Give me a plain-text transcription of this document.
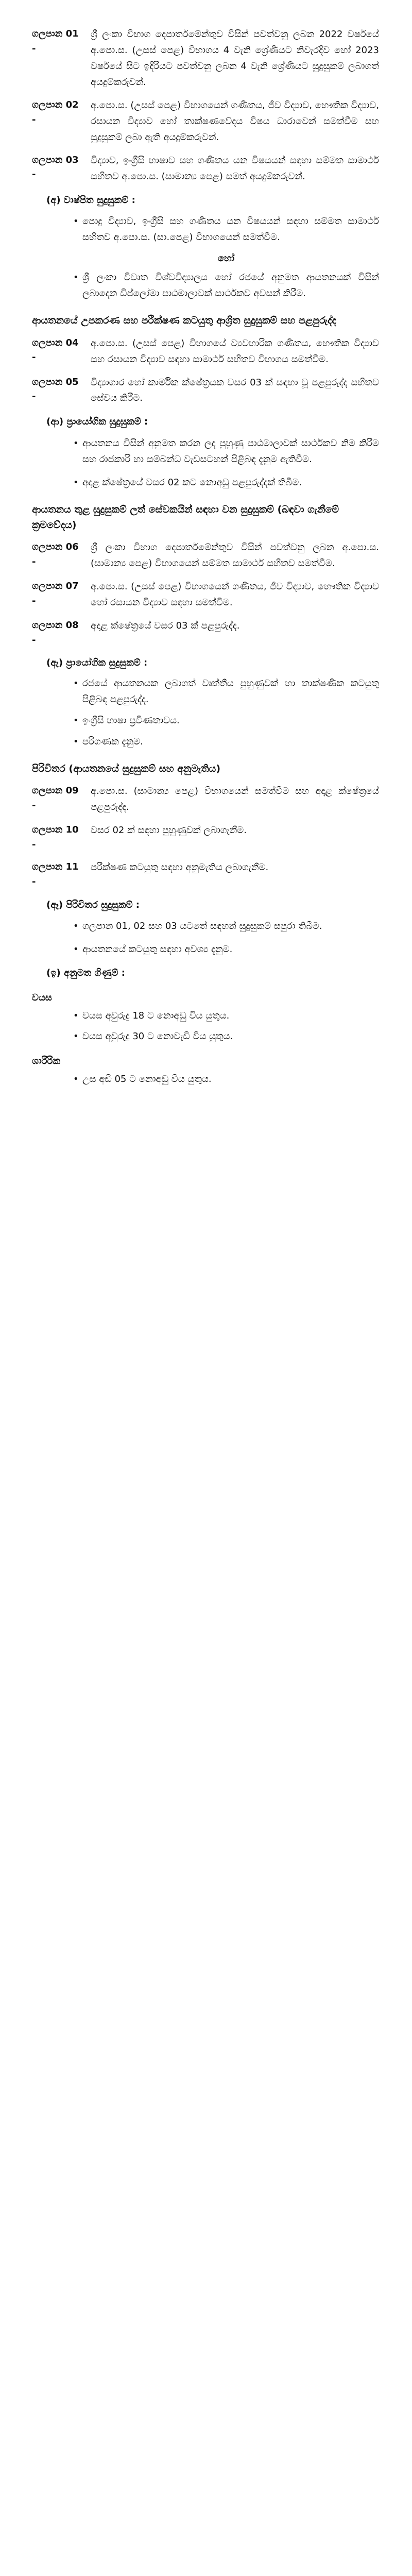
ගලපාන 01 -
ශ්‍රී ලංකා විභාග දෙපාර්තමේන්තුව විසින් පවත්වනු ලබන 2022 වර්ෂයේ අ.පො.ස. (උසස් පෙළ) විභාගය 4 වැනි ශ්‍රේණියට නිවැරදිව හෝ 2023 වර්ෂයේ සිට ඉදිරියට පවත්වනු ලබන 4 වැනි ශ්‍රේණියට සුදුසුකම් ලබාගත් අයදුම්කරුවන්.
ගලපාන 02 -
අ.පො.ස. (උසස් පෙළ) විභාගයෙන් ගණිතය, ජීව විද්‍යාව, භෞතික විද්‍යාව, රසායන විද්‍යාව හෝ තාක්ෂණවේදය විෂය ධාරාවෙන් සමත්වීම සහ සුදුසුකම් ලබා ඇති අයදුම්කරුවන්.
ගලපාන 03 -
විද්‍යාව, ඉංග්‍රීසි භාෂාව සහ ගණිතය යන විෂයයන් සඳහා සම්මත සාමාර්ථ සහිතව අ.පො.ස. (සාමාන්‍ය පෙළ) සමත් අයදුම්කරුවන්.
(අ) වාෂ්පිත සුදුසුකම් :
• පොදු විද්‍යාව, ඉංග්‍රීසි සහ ගණිතය යන විෂයයන් සඳහා සම්මත සාමාර්ථ සහිතව අ.පො.ස. (සා.පෙළ) විභාගයෙන් සමත්වීම.
හෝ
• ශ්‍රී ලංකා විවෘත විශ්වවිද්‍යාලය හෝ රජයේ අනුමත ආයතනයක් විසින් ලබාදෙන ඩිප්ලෝමා පාඨමාලාවක් සාර්ථකව අවසන් කිරීම.
ආයතනයේ උපකරණ සහ පරීක්ෂණ කටයුතු ආශ්‍රිත සුදුසුකම් සහ පළපුරුද්ද
ගලපාන 04 -
අ.පො.ස. (උසස් පෙළ) විභාගයේ ව්‍යවහාරික ගණිතය, භෞතික විද්‍යාව සහ රසායන විද්‍යාව සඳහා සාමාර්ථ සහිතව විභාගය සමත්වීම.
ගලපාන 05 -
විද්‍යාගාර හෝ කාර්මික ක්ෂේත්‍රයක වසර 03 ක් සඳහා වූ පළපුරුද්ද සහිතව සේවය කිරීම.
(ආ) ප්‍රායෝගික සුදුසුකම් :
• ආයතනය විසින් අනුමත කරන ලද පුහුණු පාඨමාලාවක් සාර්ථකව නිම කිරීම සහ රාජකාරි හා සම්බන්ධ වැඩසටහන් පිළිබඳ දැනුම ඇතිවීම.
• අදාළ ක්ෂේත්‍රයේ වසර 02 කට නොඅඩු පළපුරුද්දක් තිබීම.
ආයතනය තුළ සුදුසුකම් ලත් සේවකයින් සඳහා වන සුදුසුකම් (බඳවා ගැනීමේ ක්‍රමවේදය)
ගලපාන 06 -
ශ්‍රී ලංකා විභාග දෙපාර්තමේන්තුව විසින් පවත්වනු ලබන අ.පො.ස. (සාමාන්‍ය පෙළ) විභාගයෙන් සම්මත සාමාර්ථ සහිතව සමත්වීම.
ගලපාන 07 -
අ.පො.ස. (උසස් පෙළ) විභාගයෙන් ගණිතය, ජීව විද්‍යාව, භෞතික විද්‍යාව හෝ රසායන විද්‍යාව සඳහා සමත්වීම.
ගලපාන 08 -
අදාළ ක්ෂේත්‍රයේ වසර 03 ක් පළපුරුද්ද.
(ඇ) ප්‍රායෝගික සුදුසුකම් :
• රජයේ ආයතනයක ලබාගත් වෘත්තීය පුහුණුවක් හා තාක්ෂණික කටයුතු පිළිබඳ පළපුරුද්ද.
• ඉංග්‍රීසි භාෂා ප්‍රවීණතාවය.
• පරිගණක දැනුම.
පිරිවිතර (ආයතනයේ සුදුසුකම් සහ අනුමැතිය)
ගලපාන 09 -
අ.පො.ස. (සාමාන්‍ය පෙළ) විභාගයෙන් සමත්වීම සහ අදාළ ක්ෂේත්‍රයේ පළපුරුද්ද.
ගලපාන 10 -
වසර 02 ක් සඳහා පුහුණුවක් ලබාගැනීම.
ගලපාන 11 -
පරීක්ෂණ කටයුතු සඳහා අනුමැතිය ලබාගැනීම.
(ඈ) පිරිවිතර සුදුසුකම් :
• ගලපාන 01, 02 සහ 03 යටතේ සඳහන් සුදුසුකම් සපුරා තිබීම.
• ආයතනයේ කටයුතු සඳහා අවශ්‍ය දැනුම.
(ඉ) අනුමත ගිණුම් :
වයස
• වයස අවුරුදු 18 ට නොඅඩු විය යුතුය.
• වයස අවුරුදු 30 ට නොවැඩි විය යුතුය.
ශාරීරික
• උස අඩි 05 ට නොඅඩු විය යුතුය.
